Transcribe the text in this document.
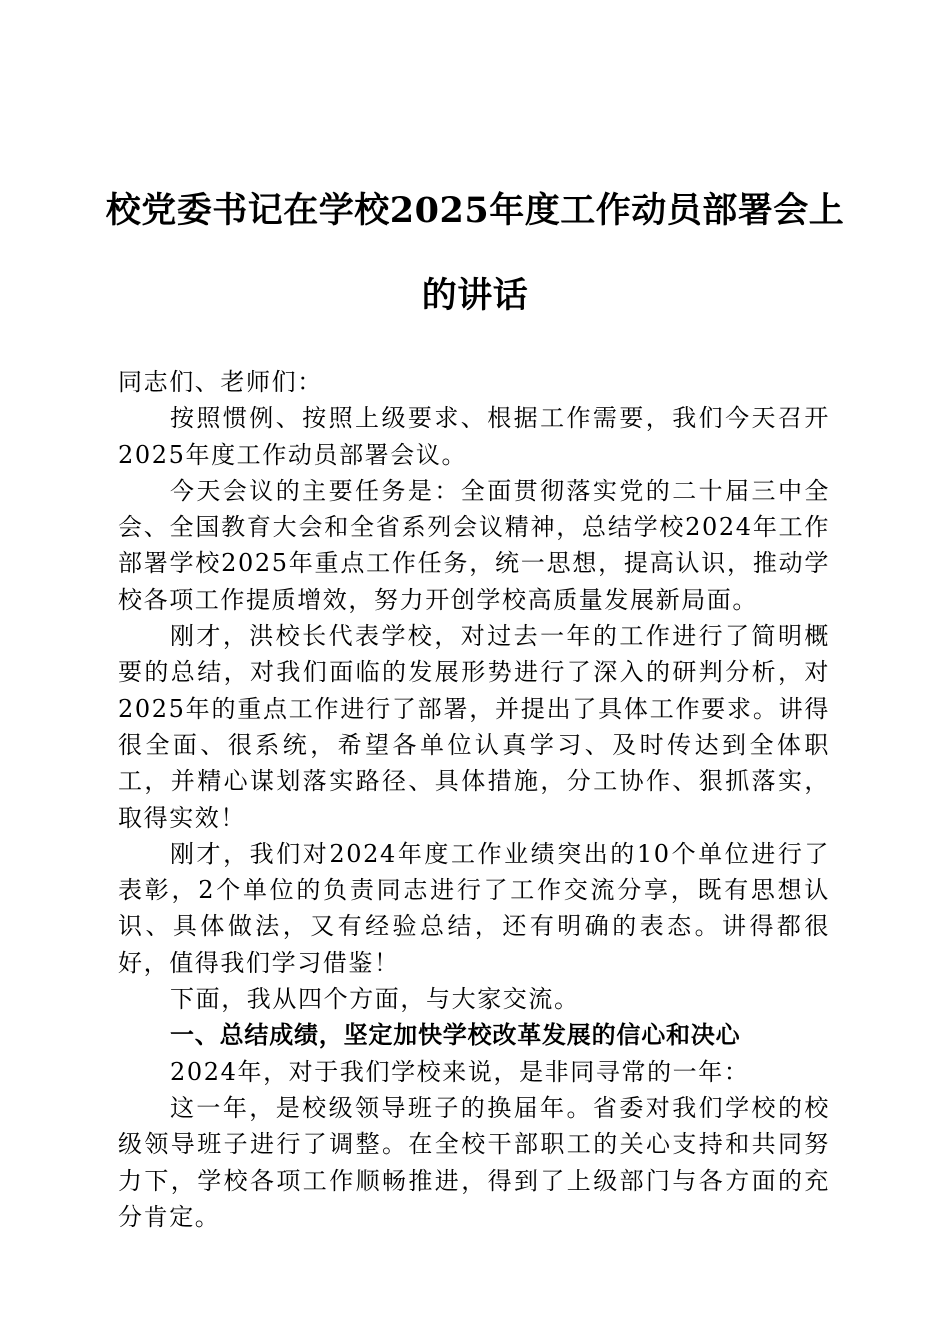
校党委书记在学校2025年度工作动员部署会上的讲话

同志们、老师们：

按照惯例、按照上级要求、根据工作需要，我们今天召开2025年度工作动员部署会议。

今天会议的主要任务是：全面贯彻落实党的二十届三中全会、全国教育大会和全省系列会议精神，总结学校2024年工作部署学校2025年重点工作任务，统一思想，提高认识，推动学校各项工作提质增效，努力开创学校高质量发展新局面。

刚才，洪校长代表学校，对过去一年的工作进行了简明概要的总结，对我们面临的发展形势进行了深入的研判分析，对2025年的重点工作进行了部署，并提出了具体工作要求。讲得很全面、很系统，希望各单位认真学习、及时传达到全体职工，并精心谋划落实路径、具体措施，分工协作、狠抓落实，取得实效！

刚才，我们对2024年度工作业绩突出的10个单位进行了表彰，2个单位的负责同志进行了工作交流分享，既有思想认识、具体做法，又有经验总结，还有明确的表态。讲得都很好，值得我们学习借鉴！

下面，我从四个方面，与大家交流。

一、总结成绩，坚定加快学校改革发展的信心和决心

2024年，对于我们学校来说，是非同寻常的一年：

这一年，是校级领导班子的换届年。省委对我们学校的校级领导班子进行了调整。在全校干部职工的关心支持和共同努力下，学校各项工作顺畅推进，得到了上级部门与各方面的充分肯定。
